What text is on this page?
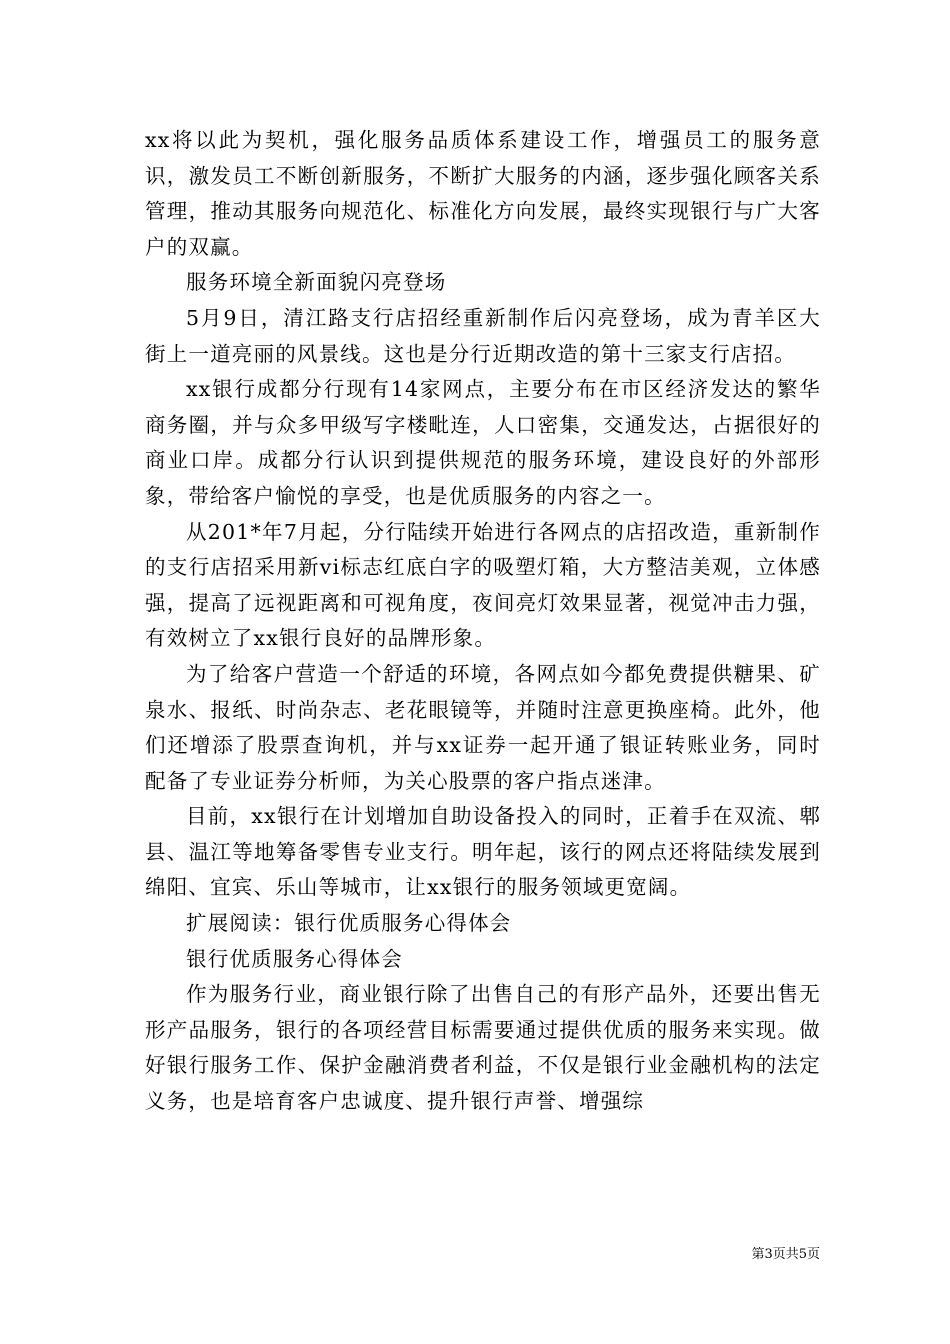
xx将以此为契机，强化服务品质体系建设工作，增强员工的服务意识，激发员工不断创新服务，不断扩大服务的内涵，逐步强化顾客关系管理，推动其服务向规范化、标准化方向发展，最终实现银行与广大客户的双赢。

服务环境全新面貌闪亮登场

5月9日，清江路支行店招经重新制作后闪亮登场，成为青羊区大街上一道亮丽的风景线。这也是分行近期改造的第十三家支行店招。

xx银行成都分行现有14家网点，主要分布在市区经济发达的繁华商务圈，并与众多甲级写字楼毗连，人口密集，交通发达，占据很好的商业口岸。成都分行认识到提供规范的服务环境，建设良好的外部形象，带给客户愉悦的享受，也是优质服务的内容之一。

从201*年7月起，分行陆续开始进行各网点的店招改造，重新制作的支行店招采用新vi标志红底白字的吸塑灯箱，大方整洁美观，立体感强，提高了远视距离和可视角度，夜间亮灯效果显著，视觉冲击力强，有效树立了xx银行良好的品牌形象。

为了给客户营造一个舒适的环境，各网点如今都免费提供糖果、矿泉水、报纸、时尚杂志、老花眼镜等，并随时注意更换座椅。此外，他们还增添了股票查询机，并与xx证券一起开通了银证转账业务，同时配备了专业证券分析师，为关心股票的客户指点迷津。

目前，xx银行在计划增加自助设备投入的同时，正着手在双流、郫县、温江等地筹备零售专业支行。明年起，该行的网点还将陆续发展到绵阳、宜宾、乐山等城市，让xx银行的服务领域更宽阔。

扩展阅读：银行优质服务心得体会

银行优质服务心得体会

作为服务行业，商业银行除了出售自己的有形产品外，还要出售无形产品服务，银行的各项经营目标需要通过提供优质的服务来实现。做好银行服务工作、保护金融消费者利益，不仅是银行业金融机构的法定义务，也是培育客户忠诚度、提升银行声誉、增强综

第3页共5页
